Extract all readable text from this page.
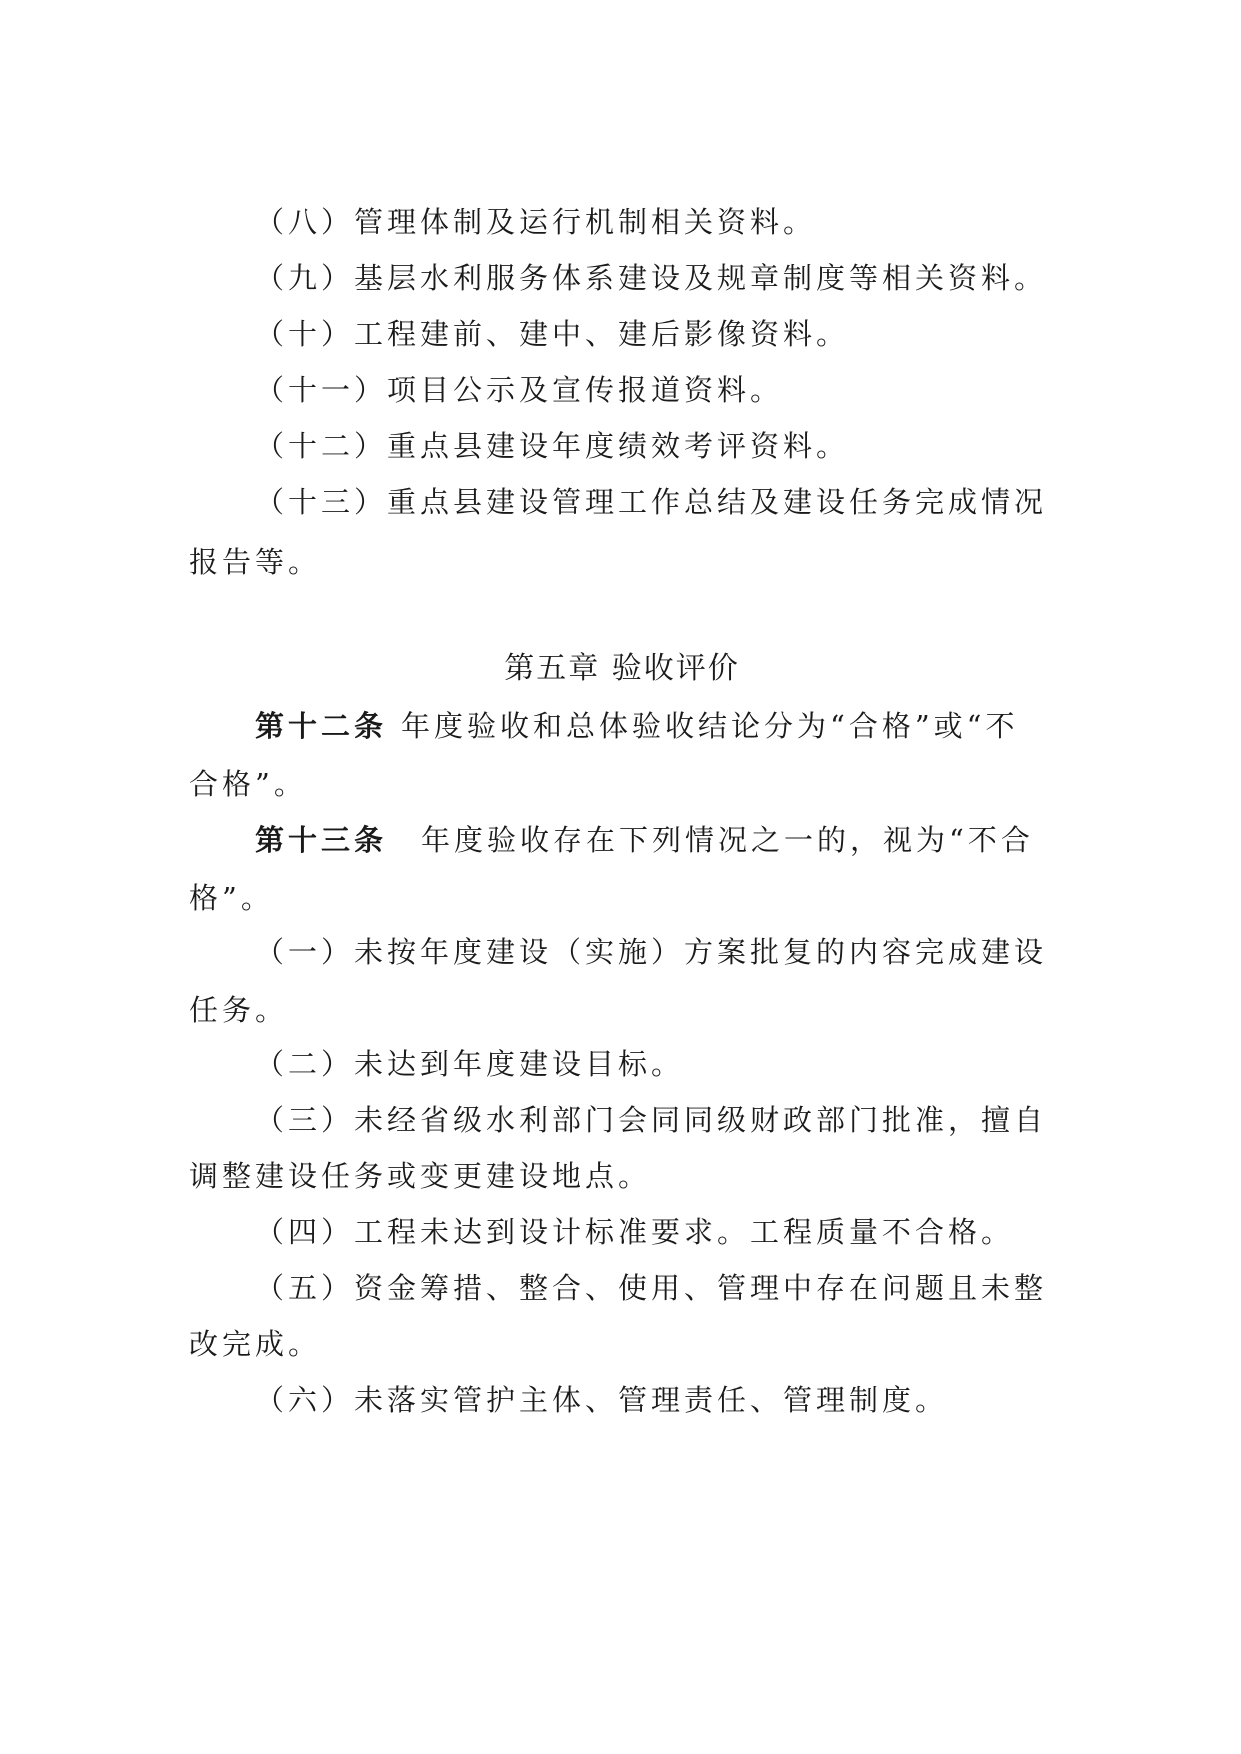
（八）管理体制及运行机制相关资料。
（九）基层水利服务体系建设及规章制度等相关资料。
（十）工程建前、建中、建后影像资料。
（十一）项目公示及宣传报道资料。
（十二）重点县建设年度绩效考评资料。
（十三）重点县建设管理工作总结及建设任务完成情况
报告等。
第五章 验收评价
第十二条 年度验收和总体验收结论分为“合格”或“不
合格”。
第十三条 年度验收存在下列情况之一的，视为“不合
格”。
（一）未按年度建设（实施）方案批复的内容完成建设
任务。
（二）未达到年度建设目标。
（三）未经省级水利部门会同同级财政部门批准，擅自
调整建设任务或变更建设地点。
（四）工程未达到设计标准要求。工程质量不合格。
（五）资金筹措、整合、使用、管理中存在问题且未整
改完成。
（六）未落实管护主体、管理责任、管理制度。
